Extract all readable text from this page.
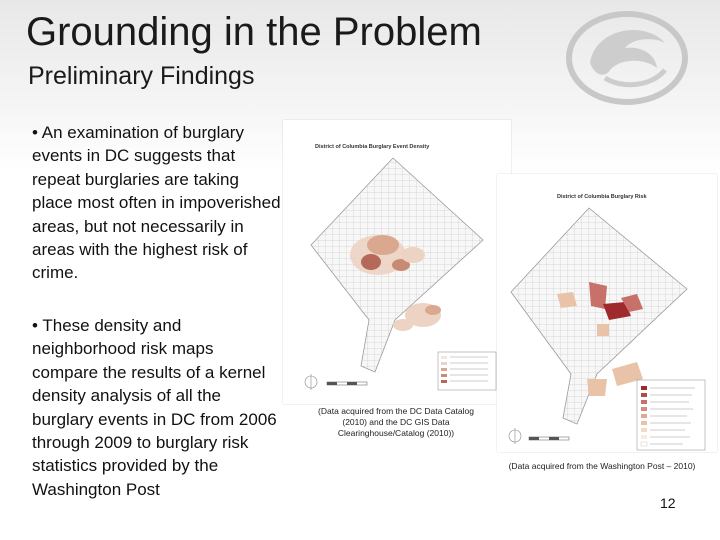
Grounding in the Problem
Preliminary Findings
• An examination of burglary events in DC suggests that repeat burglaries are taking place most often in impoverished areas, but not necessarily in areas with the highest risk of crime.
• These density and neighborhood risk maps compare the results of a kernel density analysis of all the burglary events in DC from 2006 through 2009 to burglary risk statistics provided by the Washington Post
District of Columbia Burglary Event Density
(Data acquired from the DC Data Catalog (2010) and the DC GIS Data Clearinghouse/Catalog (2010))
District of Columbia Burglary Risk
(Data acquired from the Washington Post – 2010)
12
